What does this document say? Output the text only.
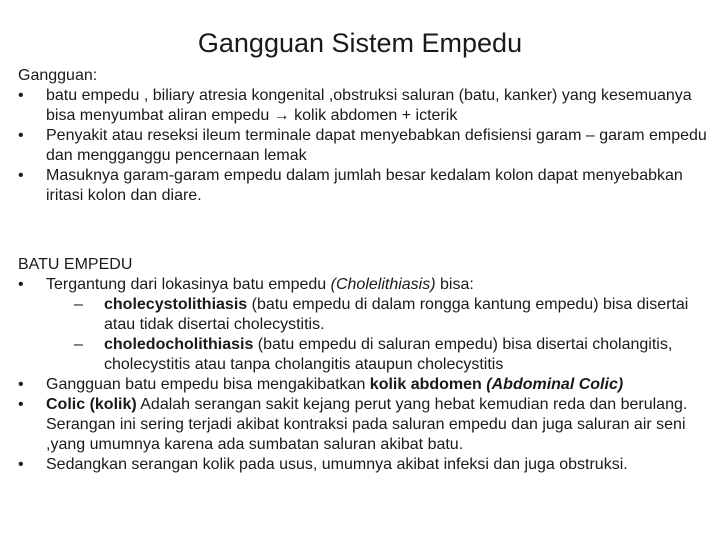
Gangguan Sistem Empedu

Gangguan:

• batu empedu , biliary atresia kongenital ,obstruksi saluran (batu, kanker) yang kesemuanya bisa menyumbat aliran empedu → kolik abdomen + icterik
• Penyakit atau reseksi ileum terminale dapat menyebabkan defisiensi garam – garam empedu dan mengganggu pencernaan lemak
• Masuknya garam-garam empedu dalam jumlah besar kedalam kolon dapat menyebabkan iritasi kolon dan diare.

BATU EMPEDU

• Tergantung dari lokasinya batu empedu (Cholelithiasis) bisa:
– cholecystolithiasis (batu empedu di dalam rongga kantung empedu) bisa disertai atau tidak disertai cholecystitis.
– choledocholithiasis (batu empedu di saluran empedu) bisa disertai cholangitis, cholecystitis atau tanpa cholangitis ataupun cholecystitis
• Gangguan batu empedu bisa mengakibatkan kolik abdomen (Abdominal Colic)
• Colic (kolik) Adalah serangan sakit kejang perut yang hebat kemudian reda dan berulang. Serangan ini sering terjadi akibat kontraksi pada saluran empedu dan juga saluran air seni ,yang umumnya karena ada sumbatan saluran akibat batu.
• Sedangkan serangan kolik pada usus, umumnya akibat infeksi dan juga obstruksi.
